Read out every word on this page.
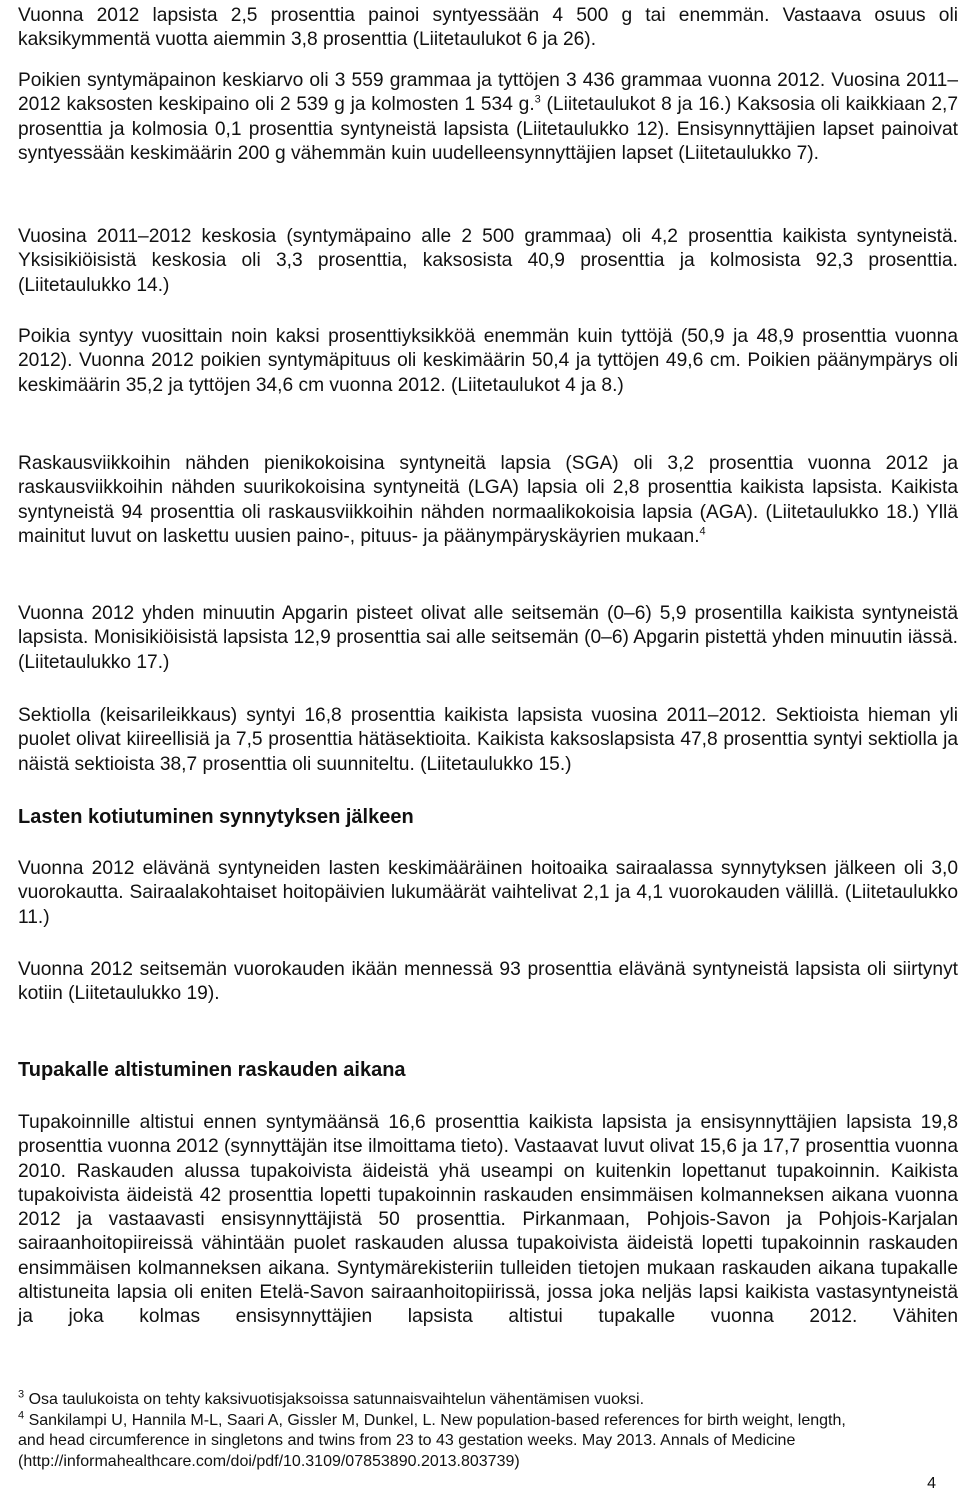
Vuonna 2012 lapsista 2,5 prosenttia painoi syntyessään 4 500 g tai enemmän. Vastaava osuus oli kaksikymmentä vuotta aiemmin 3,8 prosenttia (Liitetaulukot 6 ja 26).

Poikien syntymäpainon keskiarvo oli 3 559 grammaa ja tyttöjen 3 436 grammaa vuonna 2012. Vuosina 2011–2012 kaksosten keskipaino oli 2 539 g ja kolmosten 1 534 g.$^3$ (Liitetaulukot 8 ja 16.) Kaksosia oli kaikkiaan 2,7 prosenttia ja kolmosia 0,1 prosenttia syntyneistä lapsista (Liitetaulukko 12). Ensisynnyttäjien lapset painoivat syntyessään keskimäärin 200 g vähemmän kuin uudelleensynnyttäjien lapset (Liitetaulukko 7).

Vuosina 2011–2012 keskosia (syntymäpaino alle 2 500 grammaa) oli 4,2 prosenttia kaikista syntyneistä. Yksisikiöisistä keskosia oli 3,3 prosenttia, kaksosista 40,9 prosenttia ja kolmosista 92,3 prosenttia. (Liitetaulukko 14.)

Poikia syntyy vuosittain noin kaksi prosenttiyksikköä enemmän kuin tyttöjä (50,9 ja 48,9 prosenttia vuonna 2012). Vuonna 2012 poikien syntymäpituus oli keskimäärin 50,4 ja tyttöjen 49,6 cm. Poikien päänympärys oli keskimäärin 35,2 ja tyttöjen 34,6 cm vuonna 2012. (Liitetaulukot 4 ja 8.)

Raskausviikkoihin nähden pienikokoisina syntyneitä lapsia (SGA) oli 3,2 prosenttia vuonna 2012 ja raskausviikkoihin nähden suurikokoisina syntyneitä (LGA) lapsia oli 2,8 prosenttia kaikista lapsista. Kaikista syntyneistä 94 prosenttia oli raskausviikkoihin nähden normaalikokoisia lapsia (AGA). (Liitetaulukko 18.) Yllä mainitut luvut on laskettu uusien paino-, pituus- ja päänympäryskäyrien mukaan.$^4$

Vuonna 2012 yhden minuutin Apgarin pisteet olivat alle seitsemän (0–6) 5,9 prosentilla kaikista syntyneistä lapsista. Monisikiöisistä lapsista 12,9 prosenttia sai alle seitsemän (0–6) Apgarin pistettä yhden minuutin iässä. (Liitetaulukko 17.)

Sektiolla (keisarileikkaus) syntyi 16,8 prosenttia kaikista lapsista vuosina 2011–2012. Sektioista hieman yli puolet olivat kiireellisiä ja 7,5 prosenttia hätäsektioita. Kaikista kaksoslapsista 47,8 prosenttia syntyi sektiolla ja näistä sektioista 38,7 prosenttia oli suunniteltu. (Liitetaulukko 15.)

Lasten kotiutuminen synnytyksen jälkeen

Vuonna 2012 elävänä syntyneiden lasten keskimääräinen hoitoaika sairaalassa synnytyksen jälkeen oli 3,0 vuorokautta. Sairaalakohtaiset hoitopäivien lukumäärät vaihtelivat 2,1 ja 4,1 vuorokauden välillä. (Liitetaulukko 11.)

Vuonna 2012 seitsemän vuorokauden ikään mennessä 93 prosenttia elävänä syntyneistä lapsista oli siirtynyt kotiin (Liitetaulukko 19).

Tupakalle altistuminen raskauden aikana

Tupakoinnille altistui ennen syntymäänsä 16,6 prosenttia kaikista lapsista ja ensisynnyttäjien lapsista 19,8 prosenttia vuonna 2012 (synnyttäjän itse ilmoittama tieto). Vastaavat luvut olivat 15,6 ja 17,7 prosenttia vuonna 2010. Raskauden alussa tupakoivista äideistä yhä useampi on kuitenkin lopettanut tupakoinnin. Kaikista tupakoivista äideistä 42 prosenttia lopetti tupakoinnin raskauden ensimmäisen kolmanneksen aikana vuonna 2012 ja vastaavasti ensisynnyttäjistä 50 prosenttia. Pirkanmaan, Pohjois-Savon ja Pohjois-Karjalan sairaanhoitopiireissä vähintään puolet raskauden alussa tupakoivista äideistä lopetti tupakoinnin raskauden ensimmäisen kolmanneksen aikana. Syntymärekisteriin tulleiden tietojen mukaan raskauden aikana tupakalle altistuneita lapsia oli eniten Etelä-Savon sairaanhoitopiirissä, jossa joka neljäs lapsi kaikista vastasyntyneistä ja joka kolmas ensisynnyttäjien lapsista altistui tupakalle vuonna 2012. Vähiten

$^3$ Osa taulukoista on tehty kaksivuotisjaksoissa satunnaisvaihtelun vähentämisen vuoksi.
$^4$ Sankilampi U, Hannila M-L, Saari A, Gissler M, Dunkel, L. New population-based references for birth weight, length,
and head circumference in singletons and twins from 23 to 43 gestation weeks. May 2013. Annals of Medicine
(http://informahealthcare.com/doi/pdf/10.3109/07853890.2013.803739)
4
